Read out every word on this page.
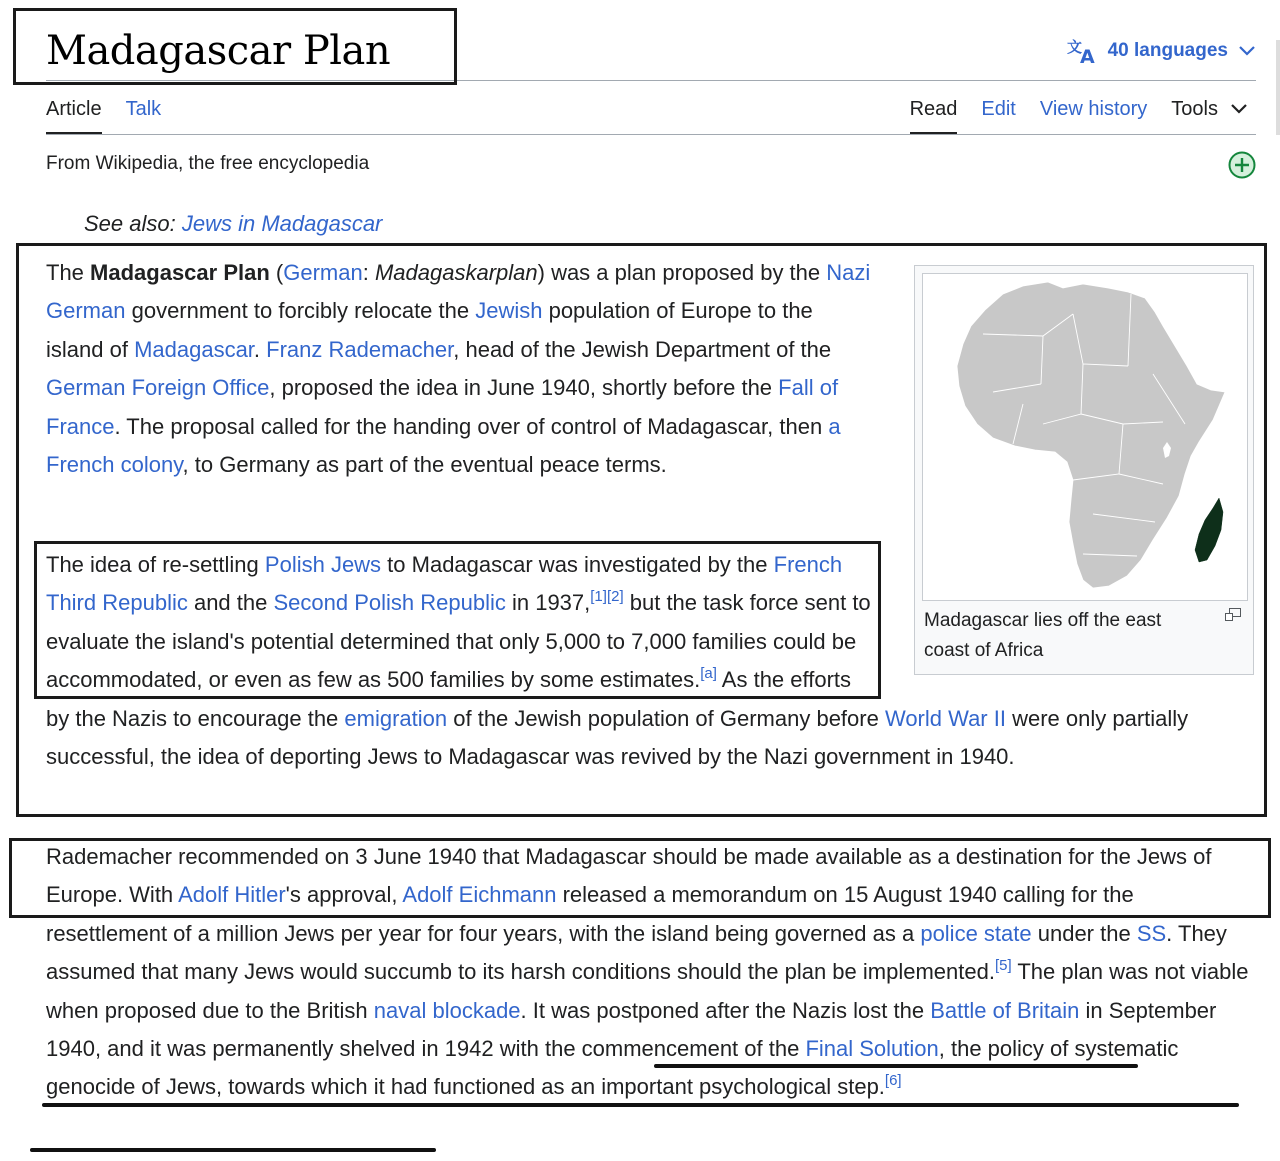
Madagascar Plan	文
A 40 languages
Article Talk	Read Edit View history Tools
From Wikipedia, the free encyclopedia
See also: Jews in Madagascar
Madagascar lies off the east coast of Africa
The Madagascar Plan (German: Madagaskarplan) was a plan proposed by the Nazi German government to forcibly relocate the Jewish population of Europe to the island of Madagascar. Franz Rademacher, head of the Jewish Department of the German Foreign Office, proposed the idea in June 1940, shortly before the Fall of France. The proposal called for the handing over of control of Madagascar, then a French colony, to Germany as part of the eventual peace terms.
The idea of re-settling Polish Jews to Madagascar was investigated by the French Third Republic and the Second Polish Republic in 1937,[1][2] but the task force sent to evaluate the island's potential determined that only 5,000 to 7,000 families could be accommodated, or even as few as 500 families by some estimates.[a] As the efforts by the Nazis to encourage the emigration of the Jewish population of Germany before World War II were only partially successful, the idea of deporting Jews to Madagascar was revived by the Nazi government in 1940.
Rademacher recommended on 3 June 1940 that Madagascar should be made available as a destination for the Jews of Europe. With Adolf Hitler's approval, Adolf Eichmann released a memorandum on 15 August 1940 calling for the resettlement of a million Jews per year for four years, with the island being governed as a police state under the SS. They assumed that many Jews would succumb to its harsh conditions should the plan be implemented.[5] The plan was not viable when proposed due to the British naval blockade. It was postponed after the Nazis lost the Battle of Britain in September 1940, and it was permanently shelved in 1942 with the commencement of the Final Solution, the policy of systematic genocide of Jews, towards which it had functioned as an important psychological step.[6]
